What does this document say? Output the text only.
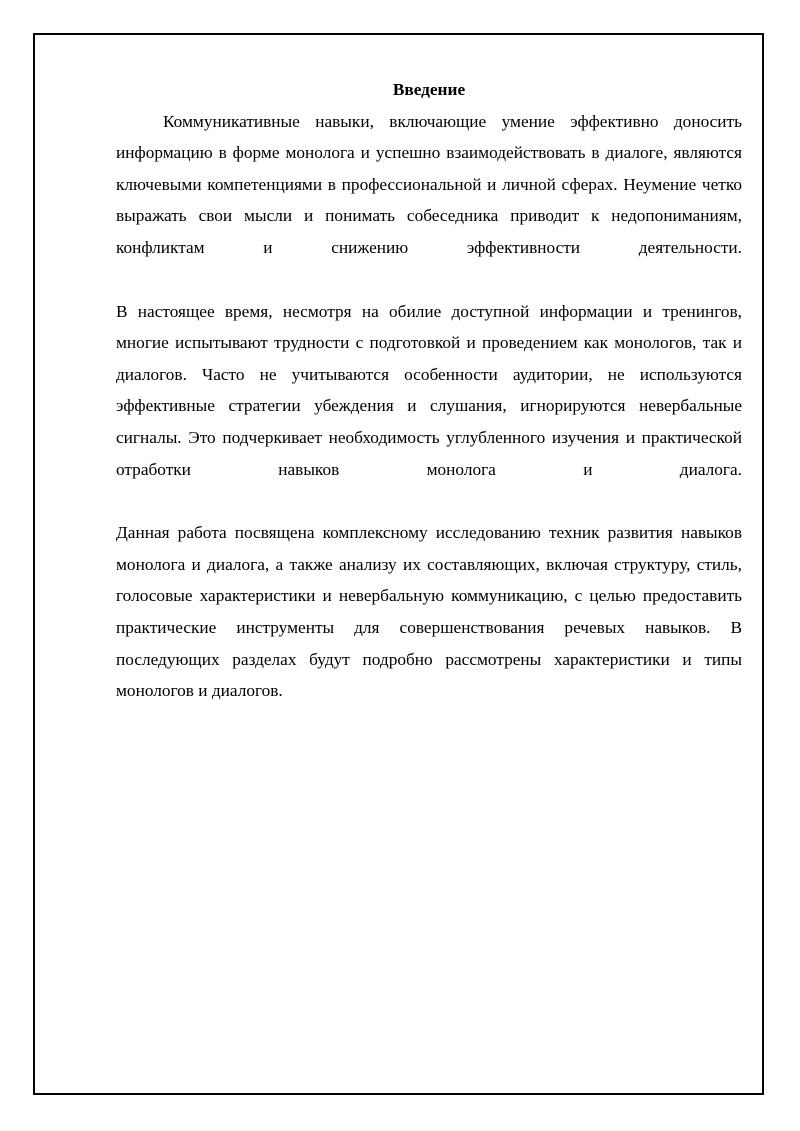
Введение

Коммуникативные навыки, включающие умение эффективно доносить информацию в форме монолога и успешно взаимодействовать в диалоге, являются ключевыми компетенциями в профессиональной и личной сферах. Неумение четко выражать свои мысли и понимать собеседника приводит к недопониманиям, конфликтам и снижению эффективности деятельности.

В настоящее время, несмотря на обилие доступной информации и тренингов, многие испытывают трудности с подготовкой и проведением как монологов, так и диалогов. Часто не учитываются особенности аудитории, не используются эффективные стратегии убеждения и слушания, игнорируются невербальные сигналы. Это подчеркивает необходимость углубленного изучения и практической отработки навыков монолога и диалога.

Данная работа посвящена комплексному исследованию техник развития навыков монолога и диалога, а также анализу их составляющих, включая структуру, стиль, голосовые характеристики и невербальную коммуникацию, с целью предоставить практические инструменты для совершенствования речевых навыков. В последующих разделах будут подробно рассмотрены характеристики и типы монологов и диалогов.
